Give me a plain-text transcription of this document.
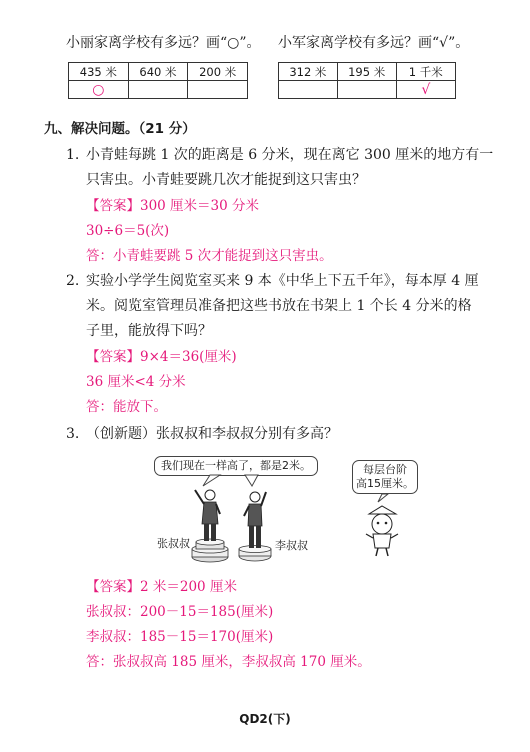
小丽家离学校有多远？画“○”。 小军家离学校有多远？画“√”。
435 米	640 米	200 米
○		
312 米	195 米	1 千米
		√
九、解决问题。（21 分）
1. 小青蛙每跳 1 次的距离是 6 分米，现在离它 300 厘米的地方有一
只害虫。小青蛙要跳几次才能捉到这只害虫？
【答案】300 厘米＝30 分米
30÷6＝5(次)
答：小青蛙要跳 5 次才能捉到这只害虫。
2. 实验小学学生阅览室买来 9 本《中华上下五千年》，每本厚 4 厘
米。阅览室管理员准备把这些书放在书架上 1 个长 4 分米的格
子里，能放得下吗？
【答案】9×4＝36(厘米)
36 厘米<4 分米
答：能放下。
3. （创新题）张叔叔和李叔叔分别有多高？
我们现在一样高了，都是2米。	每层台阶
高15厘米。
张叔叔	李叔叔
【答案】2 米＝200 厘米
张叔叔：200－15＝185(厘米)
李叔叔：185－15＝170(厘米)
答：张叔叔高 185 厘米，李叔叔高 170 厘米。
QD2(下)
